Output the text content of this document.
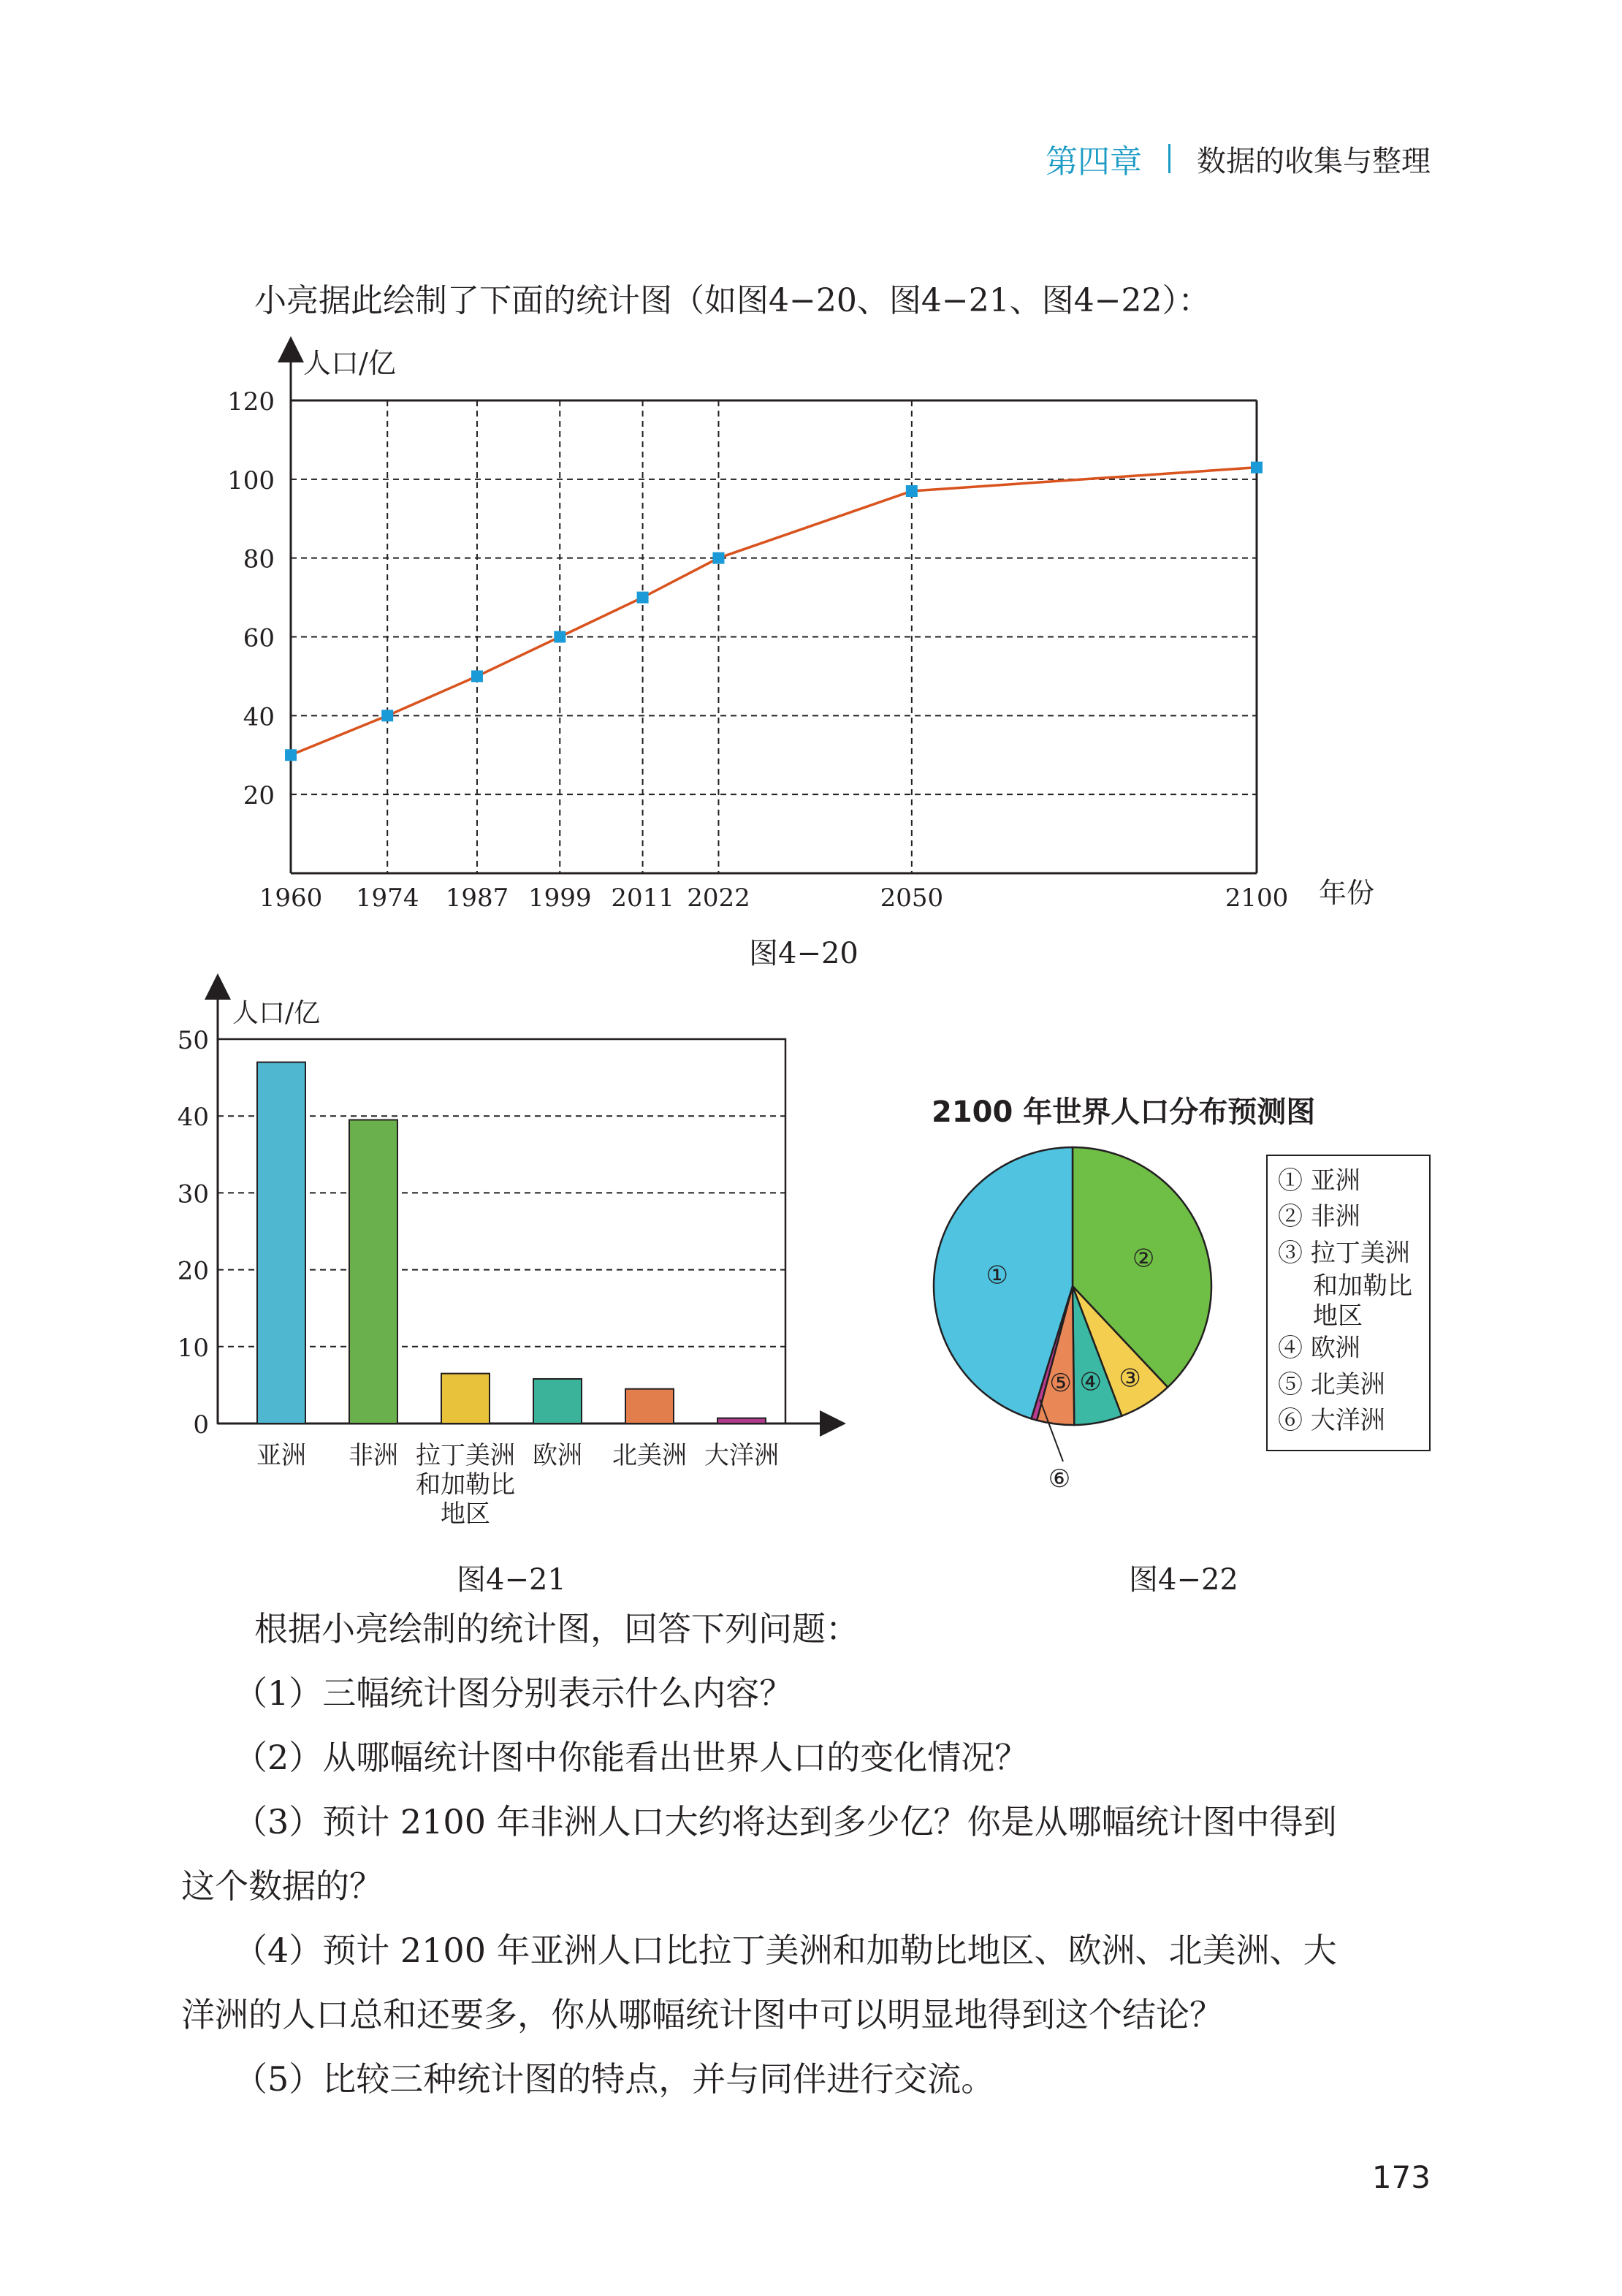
第四章 数据的收集与整理
小亮据此绘制了下面的统计图（如图4−20、图4−21、图4−22）：
20
40
60
80
100
120
1960 1974 1987 1999 2011 2022	2050	2100
人口/亿
年份
图4−20
0
10
20
30
40
50
亚洲 非洲 拉丁美洲
和加勒比
地区
欧洲 北美洲 大洋洲
人口/亿
图4−21
2100 年世界人口分布预测图
①
②
③
④
⑤
⑥
① 亚洲
② 非洲
③ 拉丁美洲
和加勒比
地区
④ 欧洲
⑤ 北美洲
⑥ 大洋洲
图4−22
根据小亮绘制的统计图，回答下列问题：
（1）三幅统计图分别表示什么内容？
（2）从哪幅统计图中你能看出世界人口的变化情况？
（3）预计 2100 年非洲人口大约将达到多少亿？你是从哪幅统计图中得到
这个数据的？
（4）预计 2100 年亚洲人口比拉丁美洲和加勒比地区、欧洲、北美洲、大
洋洲的人口总和还要多，你从哪幅统计图中可以明显地得到这个结论？
（5）比较三种统计图的特点，并与同伴进行交流。
173
